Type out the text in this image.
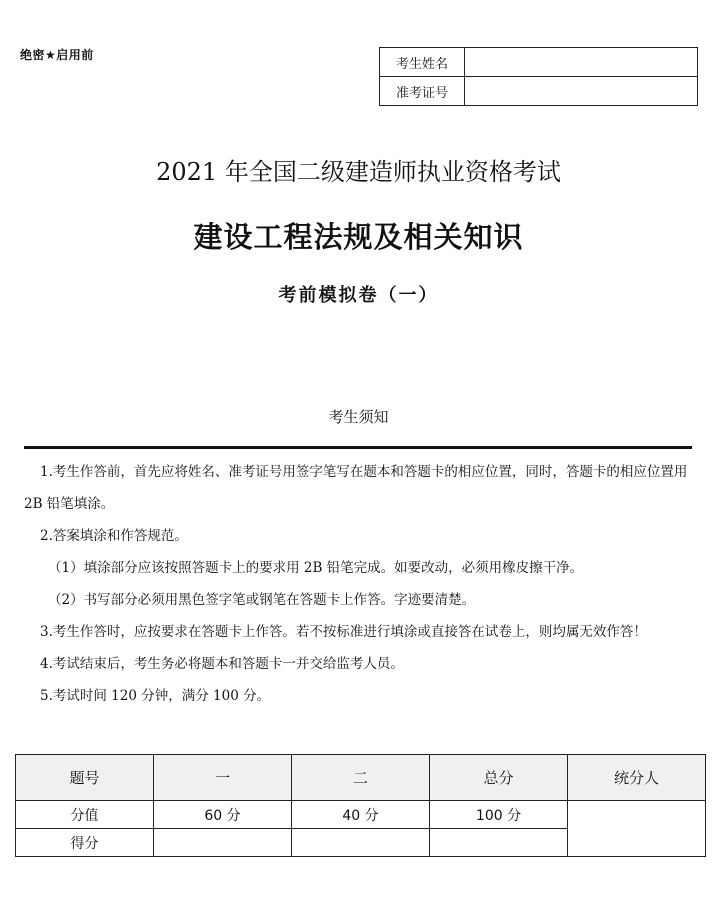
绝密★启用前
考生姓名	
准考证号	
2021 年全国二级建造师执业资格考试
建设工程法规及相关知识
考前模拟卷（一）
考生须知

1.考生作答前，首先应将姓名、准考证号用签字笔写在题本和答题卡的相应位置，同时，答题卡的相应位置用 2B 铅笔填涂。

2.答案填涂和作答规范。

（1）填涂部分应该按照答题卡上的要求用 2B 铅笔完成。如要改动，必须用橡皮擦干净。

（2）书写部分必须用黑色签字笔或钢笔在答题卡上作答。字迹要清楚。

3.考生作答时，应按要求在答题卡上作答。若不按标准进行填涂或直接答在试卷上，则均属无效作答！

4.考试结束后，考生务必将题本和答题卡一并交给监考人员。

5.考试时间 120 分钟，满分 100 分。

题号	一	二	总分	统分人
分值	60 分	40 分	100 分	
得分				
